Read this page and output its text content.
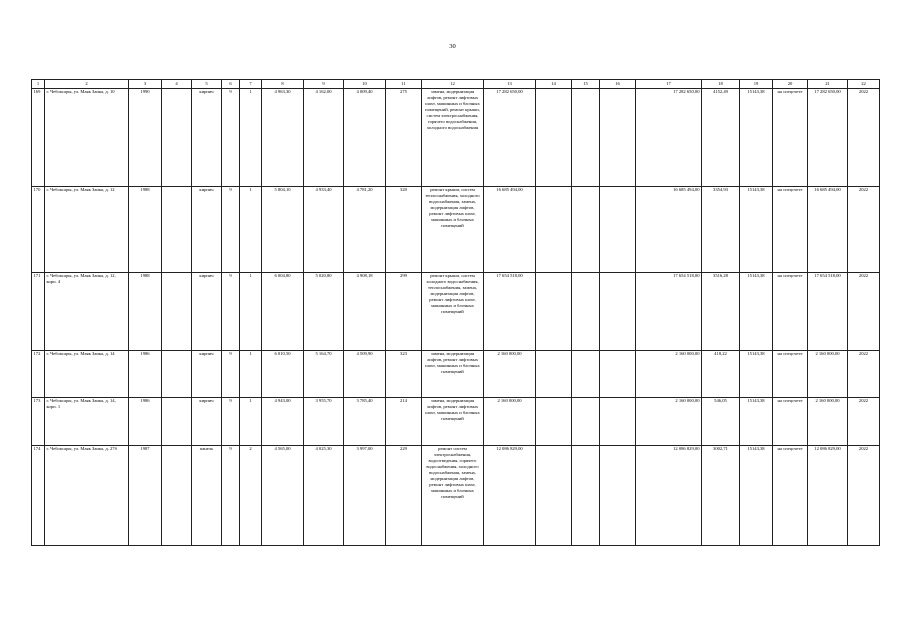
30
1	2	3	4	5	6	7	8	9	10	11	12	13	14	15	16	17	18	19	20	21	22
169	г. Чебоксары, ул. Маяк Заика, д. 10	1990		кирпич	9	1	4 963,30	4 162,00	4 009,40	275	замена, модернизация лифтов, ремонт лифтовых шахт, машинных и блочных помещений, ремонт крыши, систем электроснабжения, горячего водоснабжения, холодного водоснабжения	17 282 650,00				17 282 650,00	4152,49	15143,38	на спецсчете	17 282 650,00	2022
170	г. Чебоксары, ул. Маяк Заика, д. 12	1988		кирпич	9	1	5 804,10	4 933,40	4 781,20	320	ремонт крыши, систем теплоснабжения, холодного водоснабжения, замена, модернизация лифтов, ремонт лифтовых шахт, машинных и блочных помещений	16 685 494,00				16 685 494,00	3354,93	15143,38	на спецсчете	16 685 494,00	2022
171	г. Чебоксары, ул. Маяк Заика, д. 12, корп. 4	1988		кирпич	9	1	6 004,80	5 020,80	4 908,18	299	ремонт крыши, систем холодного водоснабжения, теплоснабжения, замена, модернизация лифтов, ремонт лифтовых шахт, машинных и блочных помещений	17 654 518,00				17 654 518,00	3516,28	15143,38	на спецсчете	17 654 518,00	2022
172	г. Чебоксары, ул. Маяк Заика, д. 14	1986		кирпич	9	1	6 010,50	5 164,70	4 509,90	323	замена, модернизация лифтов, ремонт лифтовых шахт, машинных и блочных помещений	2 160 000,00				2 160 000,00	418,22	15143,38	на спецсчете	2 160 000,00	2022
173	г. Чебоксары, ул. Маяк Заика, д. 14, корп. 1	1986		кирпич	9	1	4 943,00	3 955,70	3 785,40	214	замена, модернизация лифтов, ремонт лифтовых шахт, машинных и блочных помещений	2 160 000,00				2 160 000,00	546,05	15143,38	на спецсчете	2 160 000,00	2022
174	г. Чебоксары, ул. Маяк Заика, д. 27б	1987		панель	9	2	4 565,00	4 025,30	3 997,00	229	ремонт систем электроснабжения, водоотведения, горячего водоснабжения, холодного водоснабжения, замена, модернизация лифтов, ремонт лифтовых шахт, машинных и блочных помещений	12 086 829,00				12 086 829,00	3002,71	15143,38	на спецсчете	12 086 829,00	2022
